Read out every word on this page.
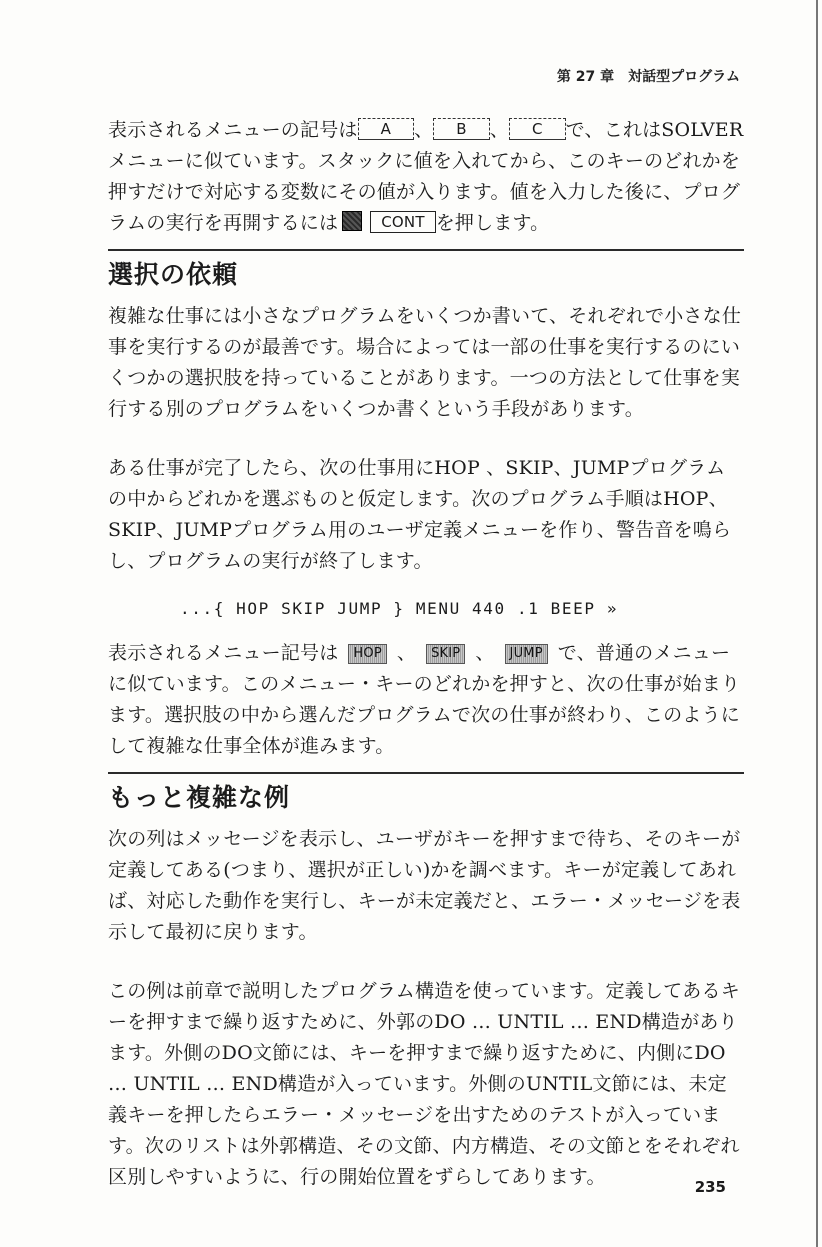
第 27 章　対話型プログラム

表示されるメニューの記号は A 、 B 、 C で、これはSOLVERメニューに似ています。スタックに値を入れてから、このキーのどれかを押すだけで対応する変数にその値が入ります。値を入力した後に、プログラムの実行を再開するには	CONT を押します。

選択の依頼

複雑な仕事には小さなプログラムをいくつか書いて、それぞれで小さな仕事を実行するのが最善です。場合によっては一部の仕事を実行するのにいくつかの選択肢を持っていることがあります。一つの方法として仕事を実行する別のプログラムをいくつか書くという手段があります。

ある仕事が完了したら、次の仕事用にHOP 、SKIP、JUMPプログラムの中からどれかを選ぶものと仮定します。次のプログラム手順はHOP、SKIP、JUMPプログラム用のユーザ定義メニューを作り、警告音を鳴らし、プログラムの実行が終了します。

...{ HOP SKIP JUMP } MENU 440 .1 BEEP »

表示されるメニュー記号は HOP 、 SKIP 、 JUMP で、普通のメニューに似ています。このメニュー・キーのどれかを押すと、次の仕事が始まります。選択肢の中から選んだプログラムで次の仕事が終わり、このようにして複雑な仕事全体が進みます。

もっと複雑な例

次の列はメッセージを表示し、ユーザがキーを押すまで待ち、そのキーが定義してある(つまり、選択が正しい)かを調べます。キーが定義してあれば、対応した動作を実行し、キーが未定義だと、エラー・メッセージを表示して最初に戻ります。

この例は前章で説明したプログラム構造を使っています。定義してあるキーを押すまで繰り返すために、外郭のDO … UNTIL … END構造があります。外側のDO文節には、キーを押すまで繰り返すために、内側にDO … UNTIL … END構造が入っています。外側のUNTIL文節には、未定義キーを押したらエラー・メッセージを出すためのテストが入っています。次のリストは外郭構造、その文節、内方構造、その文節とをそれぞれ区別しやすいように、行の開始位置をずらしてあります。	235
